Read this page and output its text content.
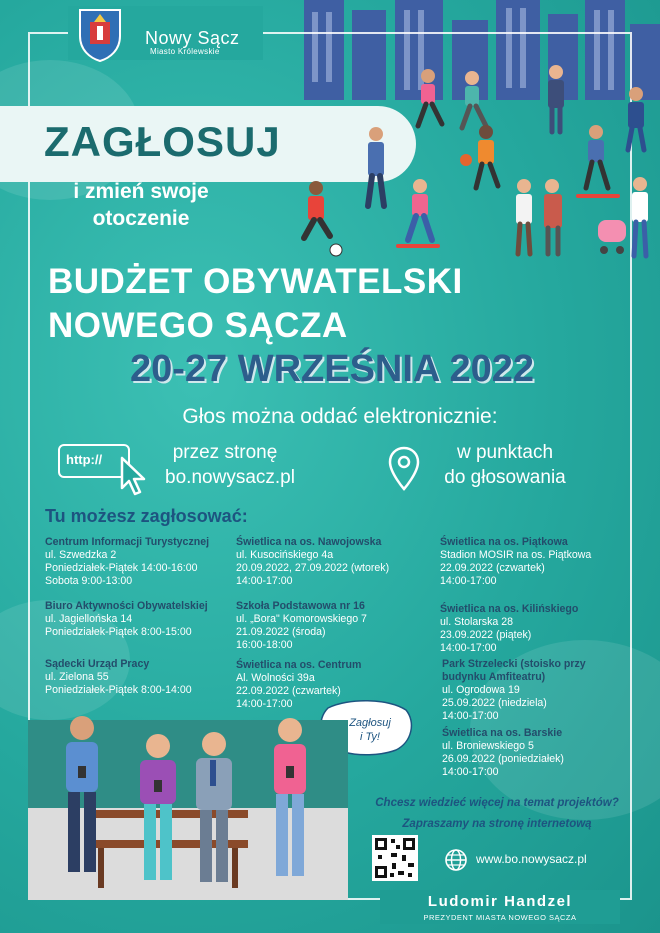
Nowy Sącz
Miasto Królewskie
ZAGŁOSUJ
i zmień swoje otoczenie
BUDŻET OBYWATELSKI
NOWEGO SĄCZA
20-27 WRZEŚNIA 2022
Głos można oddać elektronicznie:
http://	przez stronę
bo.nowysacz.pl
w punktach
do głosowania
Tu możesz zagłosować:
Centrum Informacji Turystycznej
ul. Szwedzka 2
Poniedziałek-Piątek 14:00-16:00
Sobota 9:00-13:00
Biuro Aktywności Obywatelskiej
ul. Jagiellońska 14
Poniedziałek-Piątek 8:00-15:00
Sądecki Urząd Pracy
ul. Zielona 55
Poniedziałek-Piątek 8:00-14:00
Świetlica na os. Nawojowska
ul. Kusocińskiego 4a
20.09.2022, 27.09.2022 (wtorek)
14:00-17:00
Szkoła Podstawowa nr 16
ul. „Bora" Komorowskiego 7
21.09.2022 (środa)
16:00-18:00
Świetlica na os. Centrum
Al. Wolności 39a
22.09.2022 (czwartek)
14:00-17:00
Świetlica na os. Piątkowa
Stadion MOSIR na os. Piątkowa
22.09.2022 (czwartek)
14:00-17:00
Świetlica na os. Kilińskiego
ul. Stolarska 28
23.09.2022 (piątek)
14:00-17:00
Park Strzelecki (stoisko przy budynku Amfiteatru)
ul. Ogrodowa 19
25.09.2022 (niedziela)
14:00-17:00
Świetlica na os. Barskie
ul. Broniewskiego 5
26.09.2022 (poniedziałek)
14:00-17:00
Zagłosuj
i Ty!
Chcesz wiedzieć więcej na temat projektów?
Zapraszamy na stronę internetową
www.bo.nowysacz.pl
Ludomir Handzel
PREZYDENT MIASTA NOWEGO SĄCZA
